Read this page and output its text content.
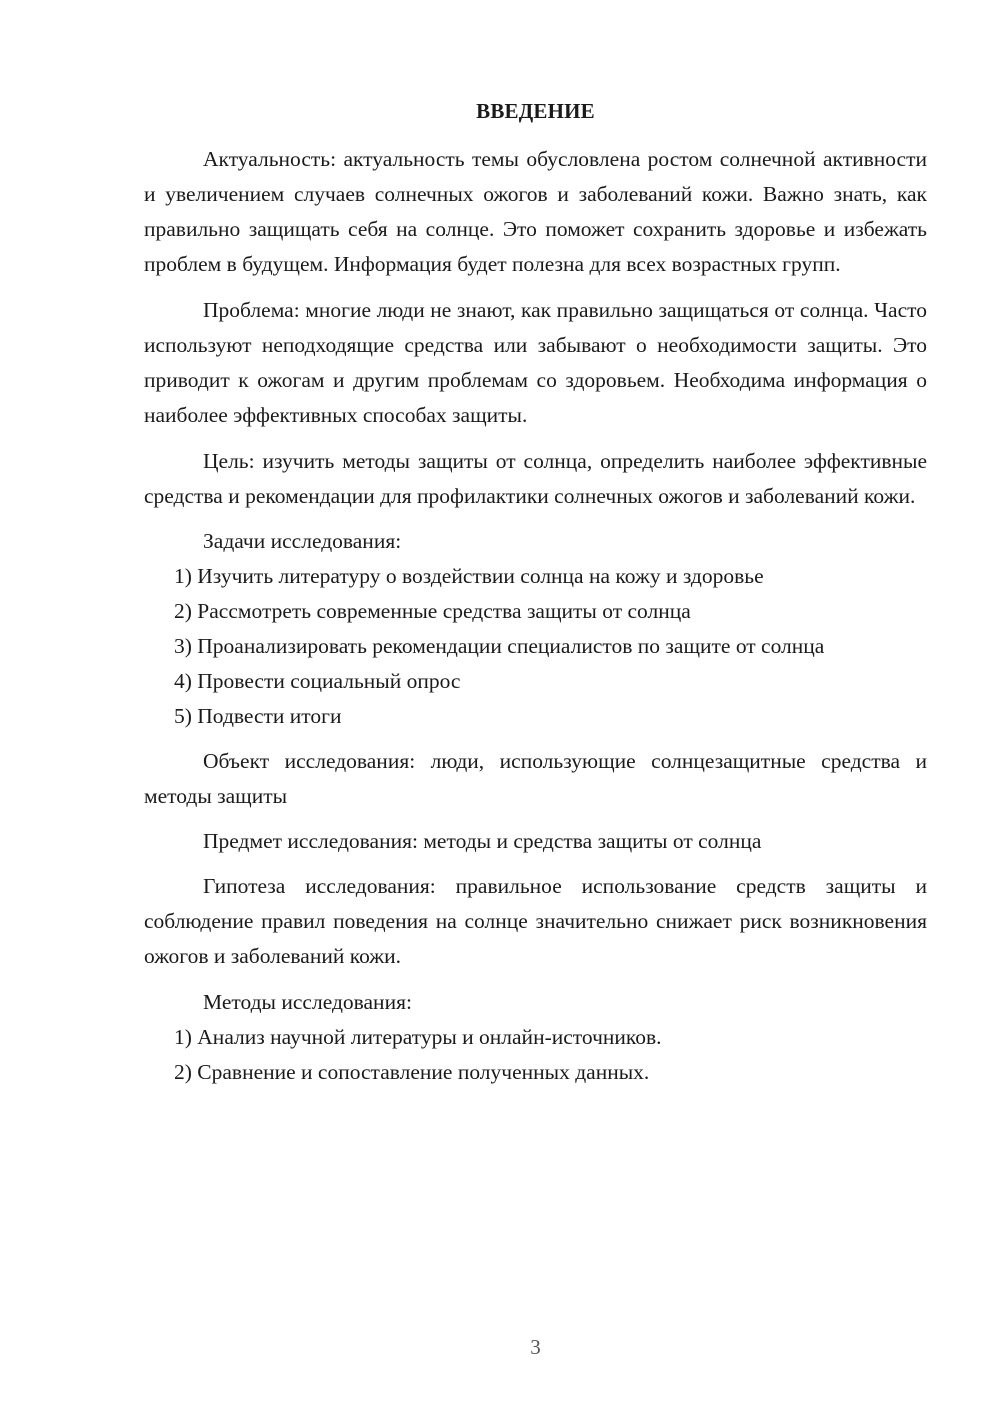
ВВЕДЕНИЕ

Актуальность: актуальность темы обусловлена ростом солнечной активности и увеличением случаев солнечных ожогов и заболеваний кожи. Важно знать, как правильно защищать себя на солнце. Это поможет сохранить здоровье и избежать проблем в будущем. Информация будет полезна для всех возрастных групп.

Проблема: многие люди не знают, как правильно защищаться от солнца. Часто используют неподходящие средства или забывают о необходимости защиты. Это приводит к ожогам и другим проблемам со здоровьем. Необходима информация о наиболее эффективных способах защиты.

Цель: изучить методы защиты от солнца, определить наиболее эффективные средства и рекомендации для профилактики солнечных ожогов и заболеваний кожи.

Задачи исследования:

1) Изучить литературу о воздействии солнца на кожу и здоровье

2) Рассмотреть современные средства защиты от солнца

3) Проанализировать рекомендации специалистов по защите от солнца

4) Провести социальный опрос

5) Подвести итоги

Объект исследования: люди, использующие солнцезащитные средства и методы защиты

Предмет исследования: методы и средства защиты от солнца

Гипотеза исследования: правильное использование средств защиты и соблюдение правил поведения на солнце значительно снижает риск возникновения ожогов и заболеваний кожи.

Методы исследования:

1) Анализ научной литературы и онлайн-источников.

2) Сравнение и сопоставление полученных данных.

3
